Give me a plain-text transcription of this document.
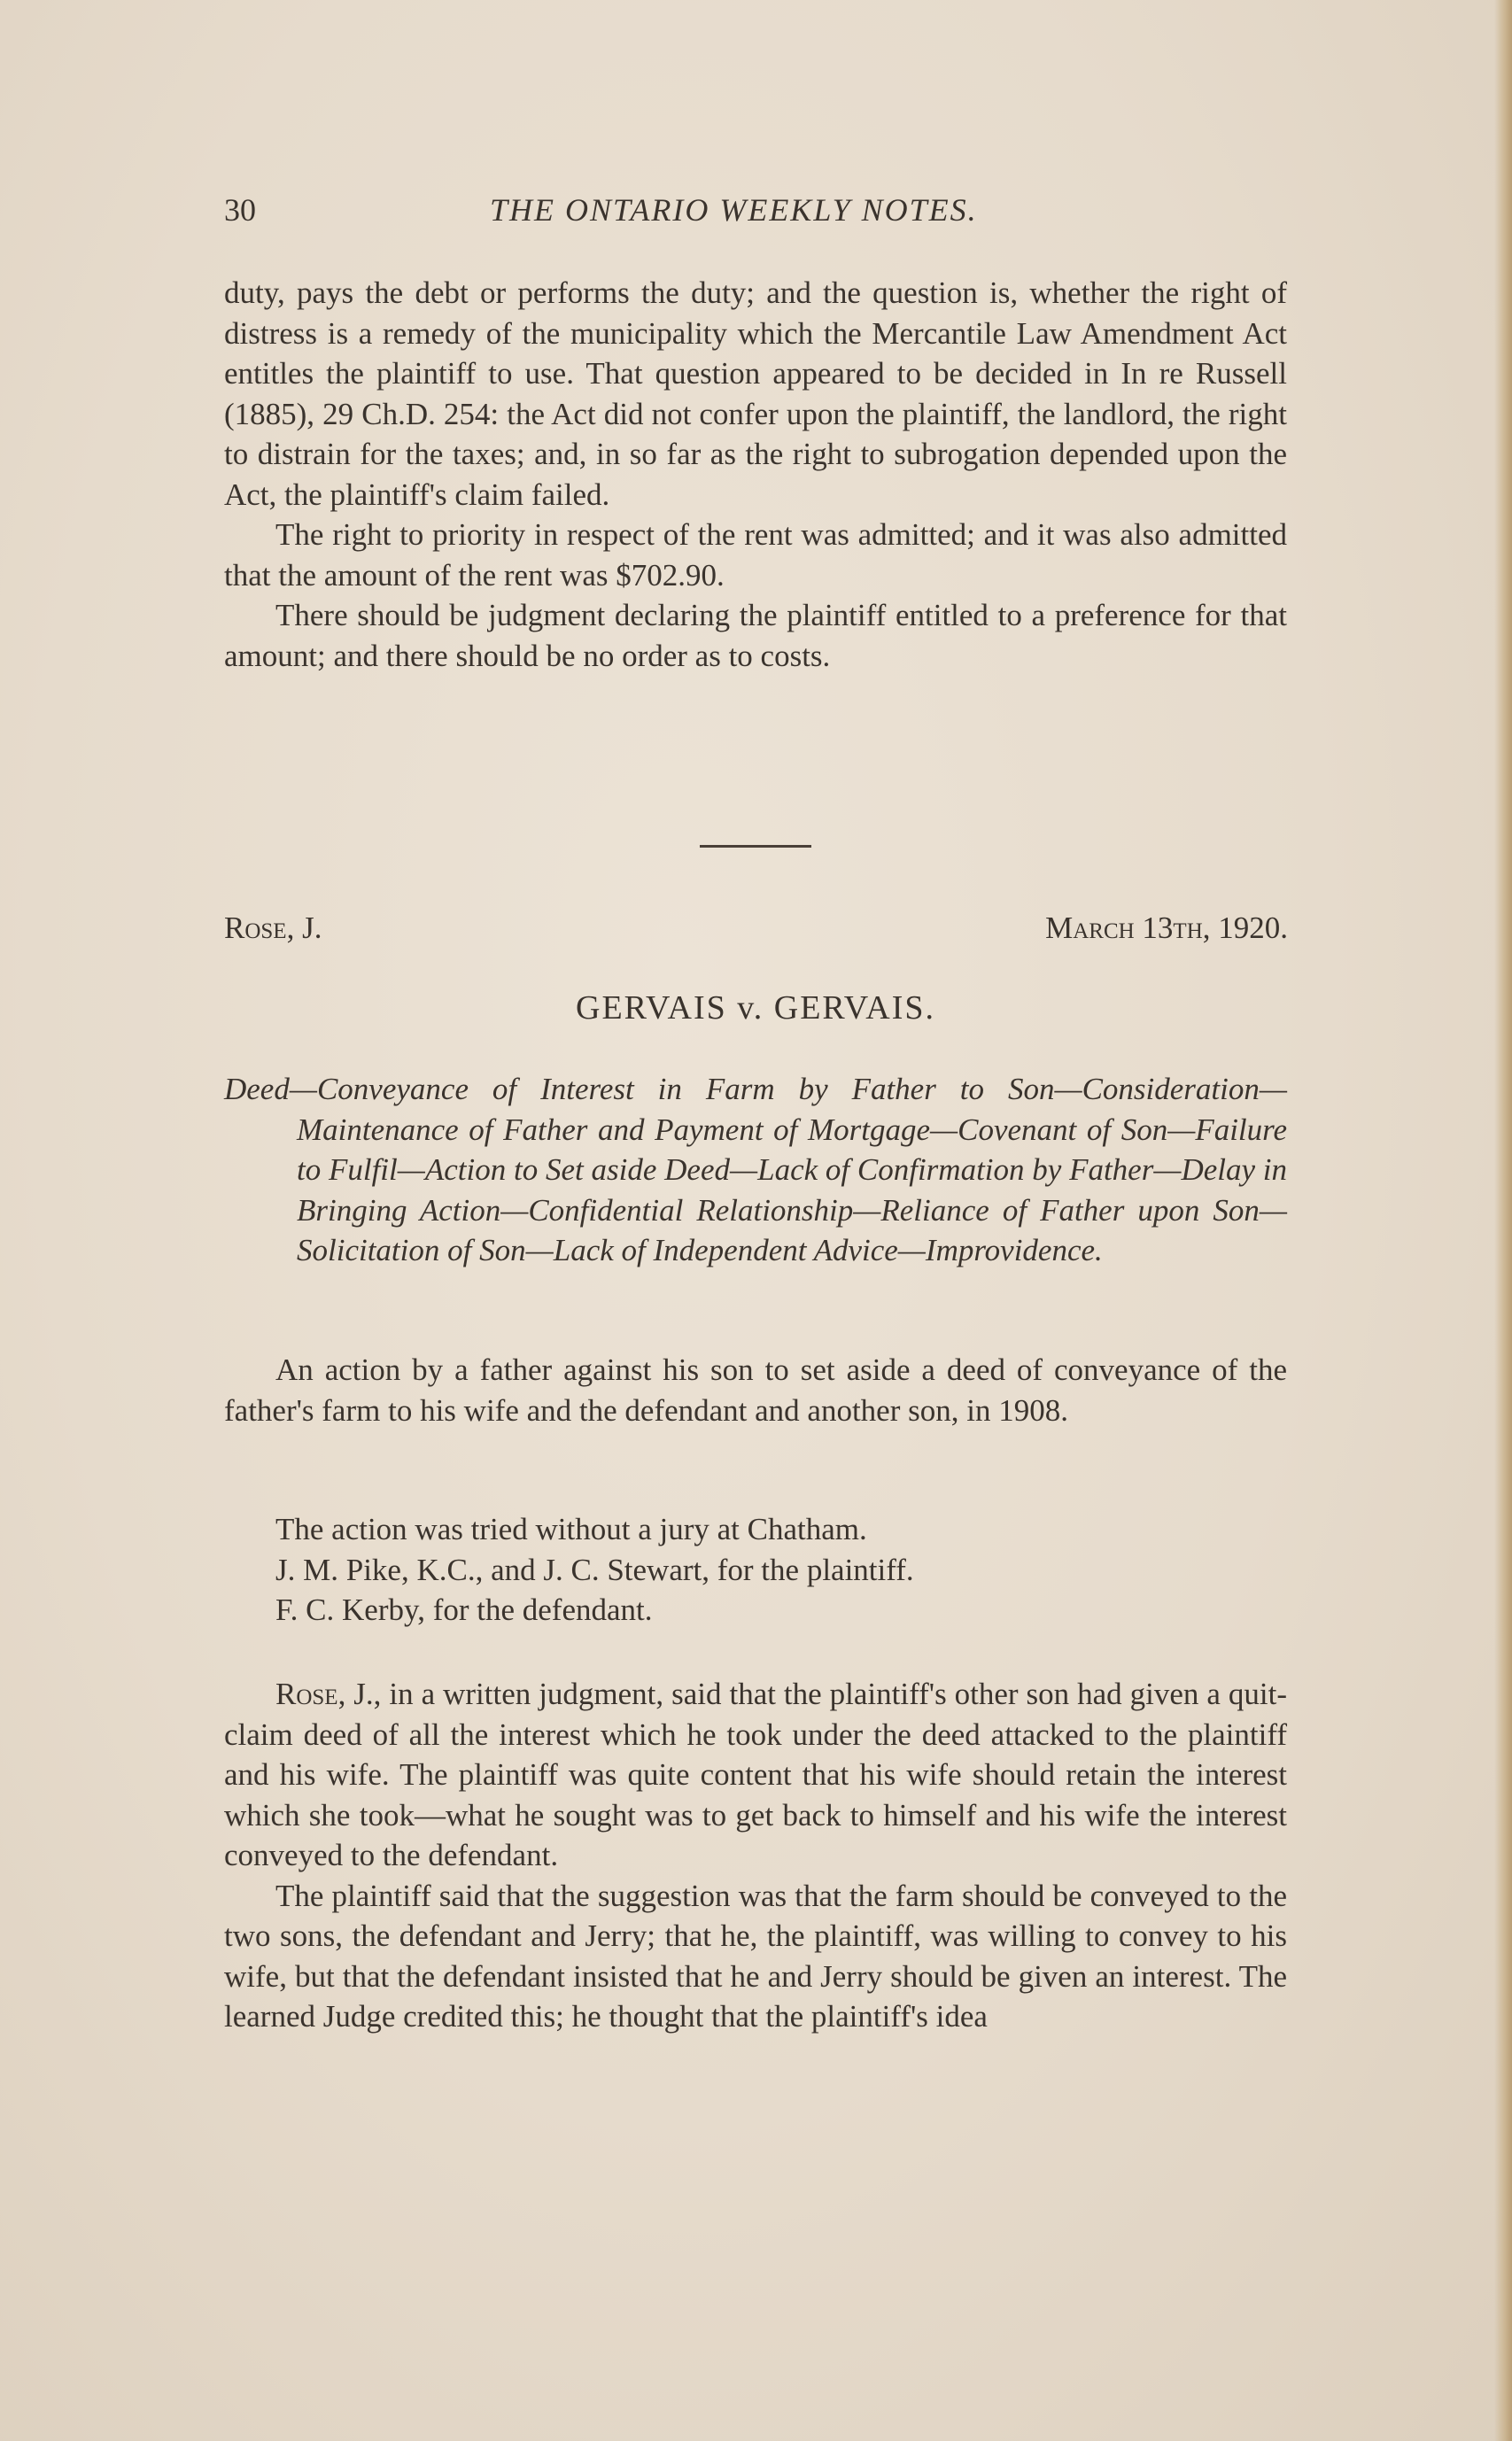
30	THE ONTARIO WEEKLY NOTES.

duty, pays the debt or performs the duty; and the question is, whether the right of distress is a remedy of the municipality which the Mercantile Law Amendment Act entitles the plaintiff to use. That question appeared to be decided in In re Russell (1885), 29 Ch.D. 254: the Act did not confer upon the plaintiff, the landlord, the right to distrain for the taxes; and, in so far as the right to subrogation depended upon the Act, the plaintiff's claim failed.

The right to priority in respect of the rent was admitted; and it was also admitted that the amount of the rent was $702.90.

There should be judgment declaring the plaintiff entitled to a preference for that amount; and there should be no order as to costs.

Rose, J.	March 13th, 1920.
GERVAIS v. GERVAIS.
Deed—Conveyance of Interest in Farm by Father to Son—Consideration—Maintenance of Father and Payment of Mortgage—Covenant of Son—Failure to Fulfil—Action to Set aside Deed—Lack of Confirmation by Father—Delay in Bringing Action—Confidential Relationship—Reliance of Father upon Son—Solicitation of Son—Lack of Independent Advice—Improvidence.
An action by a father against his son to set aside a deed of conveyance of the father's farm to his wife and the defendant and another son, in 1908.

The action was tried without a jury at Chatham.

J. M. Pike, K.C., and J. C. Stewart, for the plaintiff.

F. C. Kerby, for the defendant.

Rose, J., in a written judgment, said that the plaintiff's other son had given a quit-claim deed of all the interest which he took under the deed attacked to the plaintiff and his wife. The plaintiff was quite content that his wife should retain the interest which she took—what he sought was to get back to himself and his wife the interest conveyed to the defendant.

The plaintiff said that the suggestion was that the farm should be conveyed to the two sons, the defendant and Jerry; that he, the plaintiff, was willing to convey to his wife, but that the defendant insisted that he and Jerry should be given an interest. The learned Judge credited this; he thought that the plaintiff's idea
